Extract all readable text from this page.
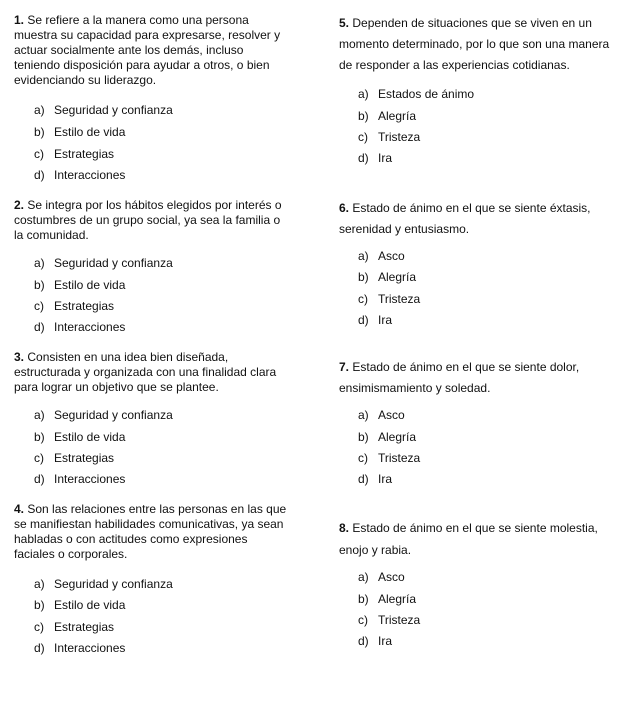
1. Se refiere a la manera como una persona
muestra su capacidad para expresarse, resolver y
actuar socialmente ante los demás, incluso
teniendo disposición para ayudar a otros, o bien
evidenciando su liderazgo.
a) Seguridad y confianza
b) Estilo de vida
c) Estrategias
d) Interacciones
2. Se integra por los hábitos elegidos por interés o
costumbres de un grupo social, ya sea la familia o
la comunidad.
a) Seguridad y confianza
b) Estilo de vida
c) Estrategias
d) Interacciones
3. Consisten en una idea bien diseñada,
estructurada y organizada con una finalidad clara
para lograr un objetivo que se plantee.
a) Seguridad y confianza
b) Estilo de vida
c) Estrategias
d) Interacciones
4. Son las relaciones entre las personas en las que
se manifiestan habilidades comunicativas, ya sean
habladas o con actitudes como expresiones
faciales o corporales.
a) Seguridad y confianza
b) Estilo de vida
c) Estrategias
d) Interacciones
5. Dependen de situaciones que se viven en un
momento determinado, por lo que son una manera
de responder a las experiencias cotidianas.
a) Estados de ánimo
b) Alegría
c) Tristeza
d) Ira
6. Estado de ánimo en el que se siente éxtasis,
serenidad y entusiasmo.
a) Asco
b) Alegría
c) Tristeza
d) Ira
7. Estado de ánimo en el que se siente dolor,
ensimismamiento y soledad.
a) Asco
b) Alegría
c) Tristeza
d) Ira
8. Estado de ánimo en el que se siente molestia,
enojo y rabia.
a) Asco
b) Alegría
c) Tristeza
d) Ira
